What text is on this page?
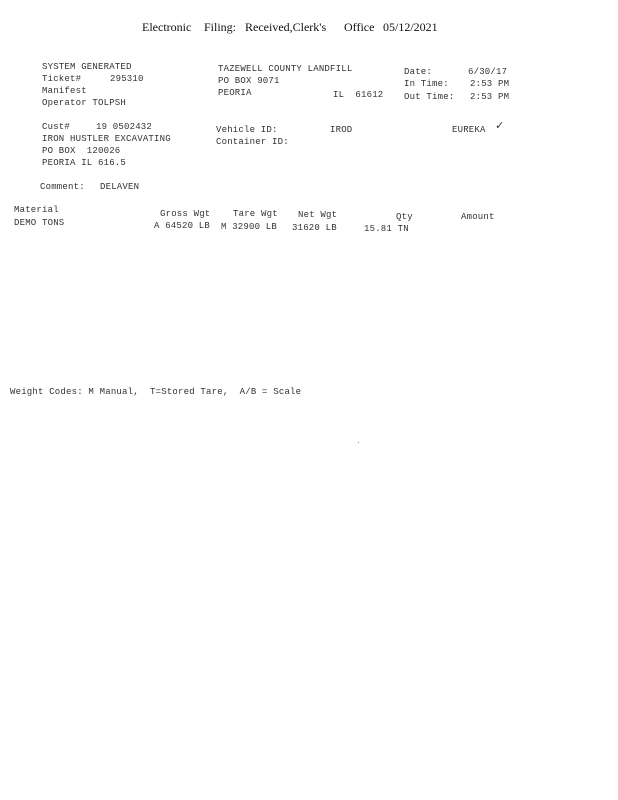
Electronic Filing: Received,Clerk's Office 05/12/2021
SYSTEM GENERATED
Ticket#	295310
Manifest
Operator TOLPSH
TAZEWELL COUNTY LANDFILL
PO BOX 9071
PEORIA	IL  61612
Date:	6/30/17
In Time: 2:53 PM
Out Time: 2:53 PM
Cust#	19 0502432
IRON HUSTLER EXCAVATING
PO BOX  120026
PEORIA IL 616.5
Vehicle ID:	IROD
Container ID:
EUREKA ✓
Comment: DELAVEN
Material	Gross Wgt	Tare Wgt Net Wgt	Qty	Amount
DEMO TONS	A 64520 LB M 32900 LB 31620 LB	15.81 TN
Weight Codes: M Manual,  T=Stored Tare,  A/B = Scale
